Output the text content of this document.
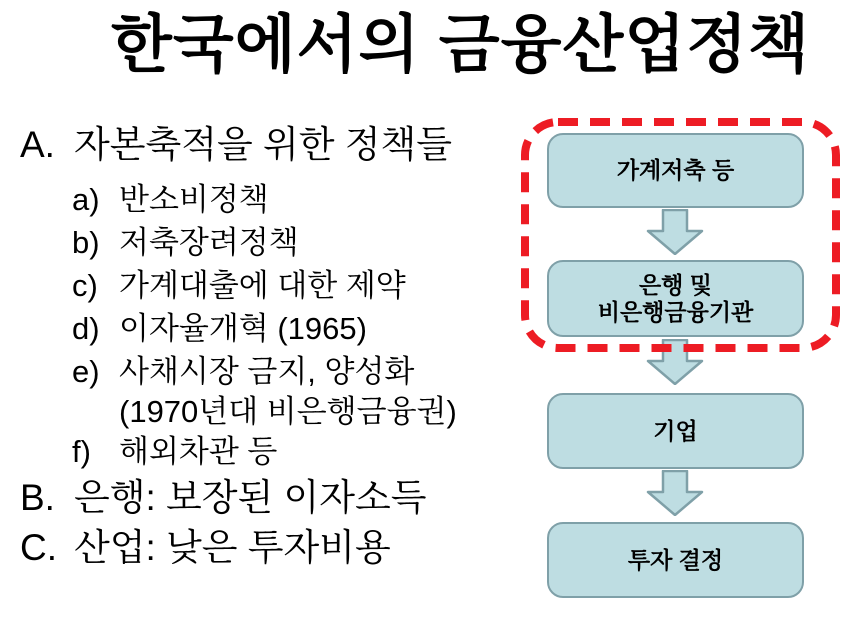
한국에서의 금융산업정책
A. 자본축적을 위한 정책들
a) 반소비정책
b) 저축장려정책
c) 가계대출에 대한 제약
d) 이자율개혁 (1965)
e) 사채시장 금지, 양성화
(1970년대 비은행금융권)
f) 해외차관 등
B. 은행: 보장된 이자소득
C. 산업: 낮은 투자비용
가계저축 등
은행 및
비은행금융기관
기업
투자 결정
